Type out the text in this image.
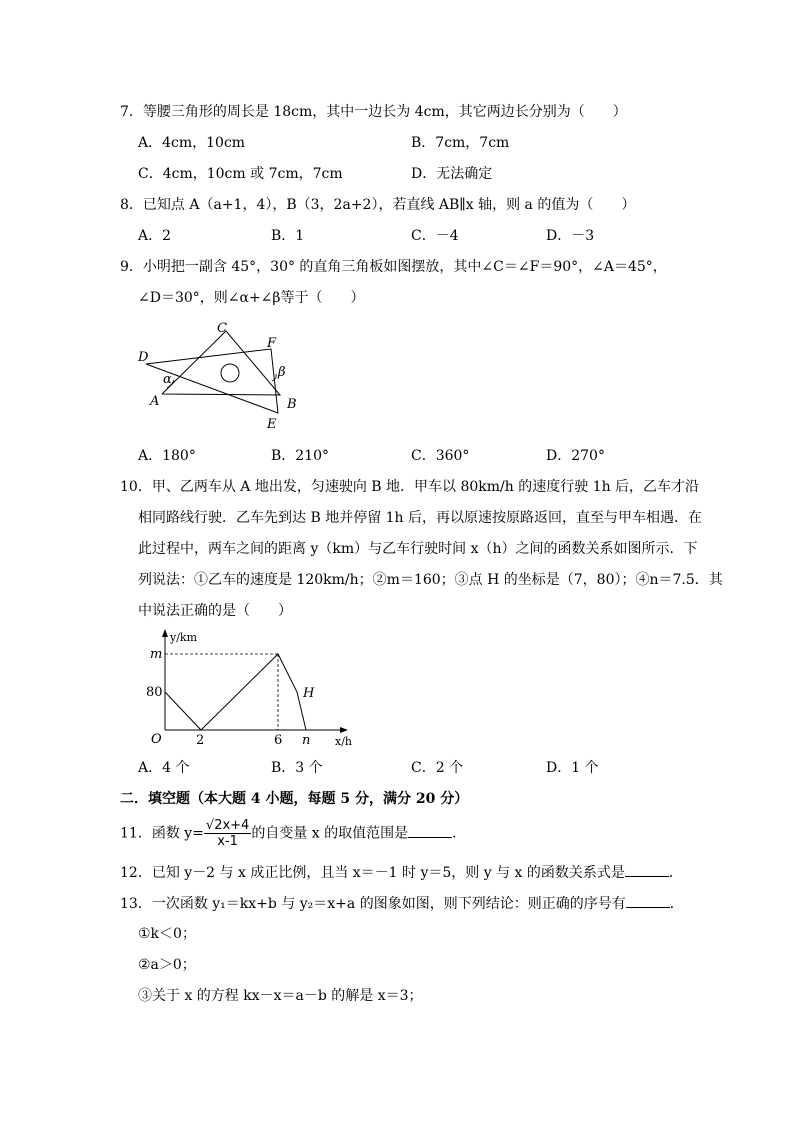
7．等腰三角形的周长是 18cm，其中一边长为 4cm，其它两边长分别为（　　）
A．4cm，10cm	B．7cm，7cm
C．4cm，10cm 或 7cm，7cm	D．无法确定
8．已知点 A（a+1，4），B（3，2a+2），若直线 AB∥x 轴，则 a 的值为（　　）
A．2	B．1	C．－4	D．－3
9．小明把一副含 45°，30° 的直角三角板如图摆放，其中∠C＝∠F＝90°，∠A＝45°，
∠D＝30°，则∠α+∠β等于（　　）
C
F
D
α	β
A	B
E
A．180°	B．210°	C．360°	D．270°
10．甲、乙两车从 A 地出发，匀速驶向 B 地．甲车以 80km/h 的速度行驶 1h 后，乙车才沿
相同路线行驶．乙车先到达 B 地并停留 1h 后，再以原速按原路返回，直至与甲车相遇．在
此过程中，两车之间的距离 y（km）与乙车行驶时间 x（h）之间的函数关系如图所示．下
列说法：①乙车的速度是 120km/h；②m＝160；③点 H 的坐标是（7，80）；④n＝7.5．其
中说法正确的是（　　）
y/km
x/h
m
80
O	2	6 n
H
A．4 个	B．3 个	C．2 个	D．1 个
二．填空题（本大题 4 小题，每题 5 分，满分 20 分）
11．函数 $y= \frac{√2x+4}{x-1}$ 的自变量 x 的取值范围是	．
12．已知 y－2 与 x 成正比例，且当 x＝－1 时 y＝5，则 y 与 x 的函数关系式是	．
13．一次函数 y₁＝kx+b 与 y₂＝x+a 的图象如图，则下列结论：则正确的序号有	．
①k＜0；
②a＞0；
③关于 x 的方程 kx－x＝a－b 的解是 x＝3；
